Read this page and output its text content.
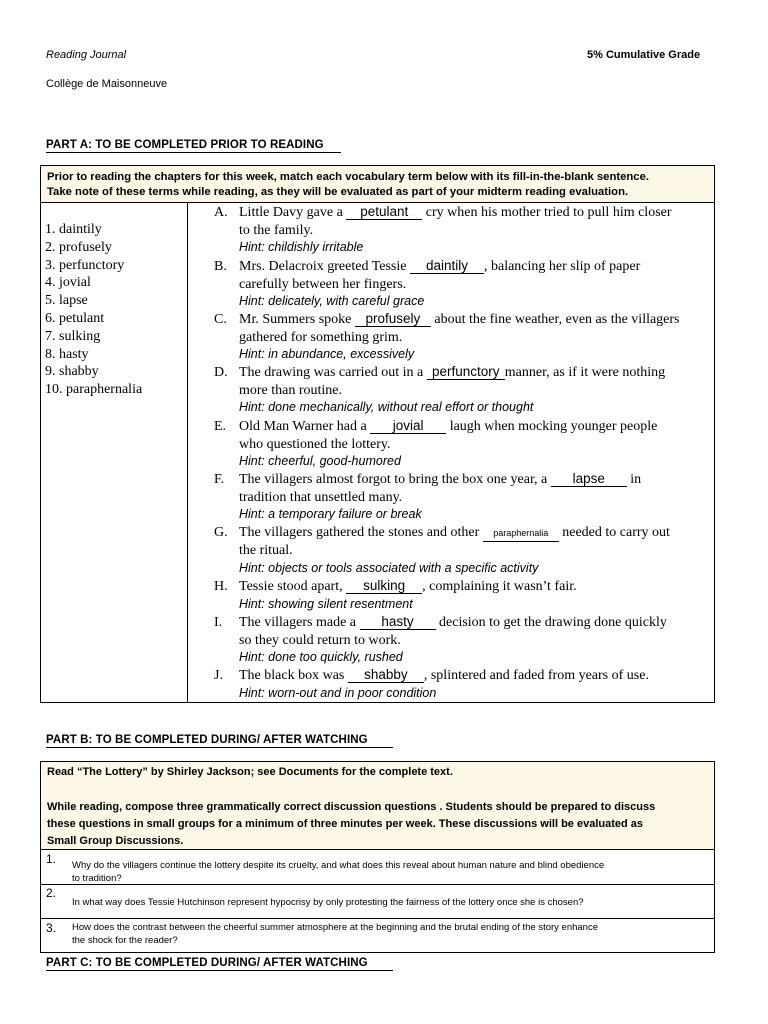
Reading Journal	5% Cumulative Grade
Collège de Maisonneuve
PART A: TO BE COMPLETED PRIOR TO READING
Prior to reading the chapters for this week, match each vocabulary term below with its fill-in-the-blank sentence.
Take note of these terms while reading, as they will be evaluated as part of your midterm reading evaluation.
1. daintily
2. profusely
3. perfunctory
4. jovial
5. lapse
6. petulant
7. sulking
8. hasty
9. shabby
10. paraphernalia
A. Little Davy gave a petulant cry when his mother tried to pull him closer
to the family.
Hint: childishly irritable
B. Mrs. Delacroix greeted Tessie daintily , balancing her slip of paper
carefully between her fingers.
Hint: delicately, with careful grace
C. Mr. Summers spoke profusely about the fine weather, even as the villagers
gathered for something grim.
Hint: in abundance, excessively
D. The drawing was carried out in a perfunctory manner, as if it were nothing
more than routine.
Hint: done mechanically, without real effort or thought
E. Old Man Warner had a jovial laugh when mocking younger people
who questioned the lottery.
Hint: cheerful, good-humored
F.	The villagers almost forgot to bring the box one year, a lapse in
tradition that unsettled many.
Hint: a temporary failure or break
G. The villagers gathered the stones and other paraphernalia needed to carry out
the ritual.
Hint: objects or tools associated with a specific activity
H. Tessie stood apart, sulking , complaining it wasn’t fair.
Hint: showing silent resentment
I.	The villagers made a hasty decision to get the drawing done quickly
so they could return to work.
Hint: done too quickly, rushed
J.	The black box was shabby , splintered and faded from years of use.
Hint: worn-out and in poor condition
PART B: TO BE COMPLETED DURING/ AFTER WATCHING
Read “The Lottery” by Shirley Jackson; see Documents for the complete text.
While reading, compose three grammatically correct discussion questions . Students should be prepared to discuss
these questions in small groups for a minimum of three minutes per week. These discussions will be evaluated as
Small Group Discussions.
1. Why do the villagers continue the lottery despite its cruelty, and what does this reveal about human nature and blind obedience
to tradition?
2.
In what way does Tessie Hutchinson represent hypocrisy by only protesting the fairness of the lottery once she is chosen?
3. How does the contrast between the cheerful summer atmosphere at the beginning and the brutal ending of the story enhance
the shock for the reader?
PART C: TO BE COMPLETED DURING/ AFTER WATCHING
